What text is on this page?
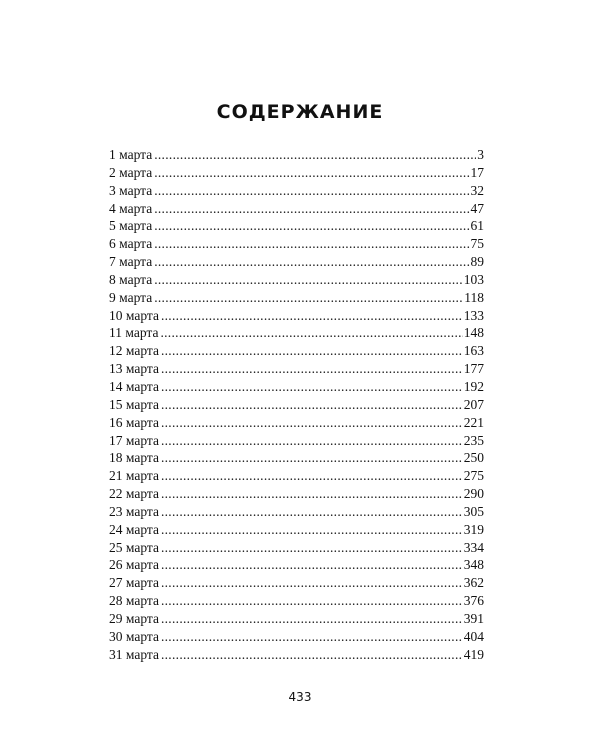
СОДЕРЖАНИЕ
1 марта .....	3
2 марта .....	17
3 марта .....	32
4 марта .....	47
5 марта .....	61
6 марта .....	75
7 марта .....	89
8 марта .....	103
9 марта .....	118
10 марта .....	133
11 марта .....	148
12 марта .....	163
13 марта .....	177
14 марта .....	192
15 марта .....	207
16 марта .....	221
17 марта .....	235
18 марта .....	250
21 марта .....	275
22 марта .....	290
23 марта .....	305
24 марта .....	319
25 марта .....	334
26 марта .....	348
27 марта .....	362
28 марта .....	376
29 марта .....	391
30 марта .....	404
31 марта .....	419
433
